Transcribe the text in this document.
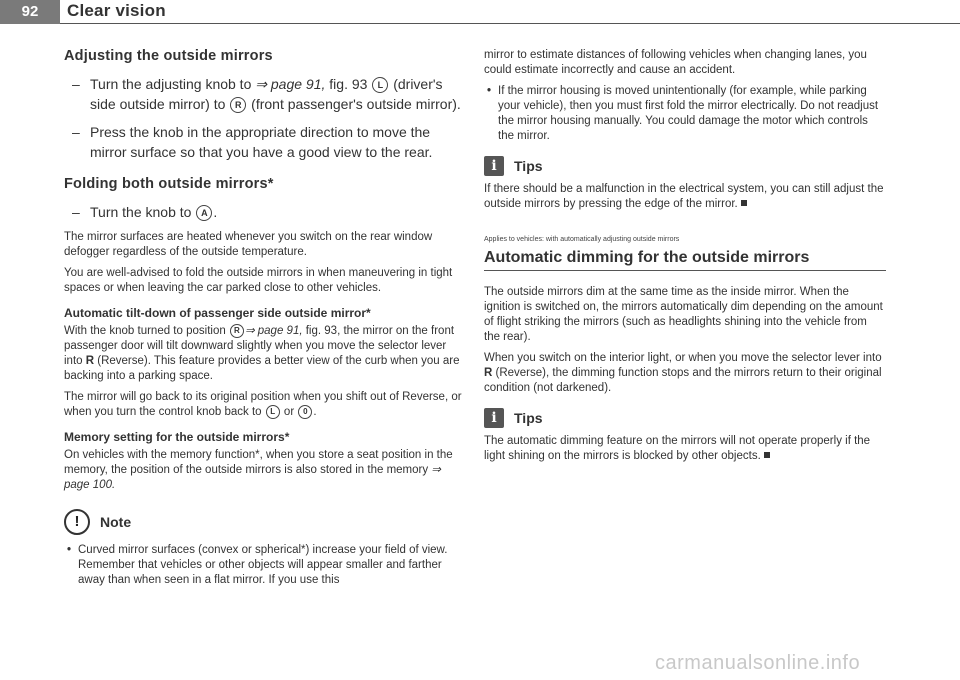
92	Clear vision
Adjusting the outside mirrors
– Turn the adjusting knob to ⇒ page 91, fig. 93 L (driver's side outside mirror) to R (front passenger's outside mirror).
– Press the knob in the appropriate direction to move the mirror surface so that you have a good view to the rear.
Folding both outside mirrors*
– Turn the knob to A .

The mirror surfaces are heated whenever you switch on the rear window defogger regardless of the outside temperature.

You are well-advised to fold the outside mirrors in when maneuvering in tight spaces or when leaving the car parked close to other vehicles.

Automatic tilt-down of passenger side outside mirror*

With the knob turned to position R ⇒ page 91, fig. 93, the mirror on the front passenger door will tilt downward slightly when you move the selector lever into R (Reverse). This feature provides a better view of the curb when you are backing into a parking space.

The mirror will go back to its original position when you shift out of Reverse, or when you turn the control knob back to L or 0 .

Memory setting for the outside mirrors*

On vehicles with the memory function*, when you store a seat position in the memory, the position of the outside mirrors is also stored in the memory ⇒ page 100.

!	Note

• Curved mirror surfaces (convex or spherical*) increase your field of view. Remember that vehicles or other objects will appear smaller and farther away than when seen in a flat mirror. If you use this

mirror to estimate distances of following vehicles when changing lanes, you could estimate incorrectly and cause an accident.

• If the mirror housing is moved unintentionally (for example, while parking your vehicle), then you must first fold the mirror electrically. Do not readjust the mirror housing manually. You could damage the motor which controls the mirror.

i	Tips

If there should be a malfunction in the electrical system, you can still adjust the outside mirrors by pressing the edge of the mirror.

Applies to vehicles: with automatically adjusting outside mirrors
Automatic dimming for the outside mirrors

The outside mirrors dim at the same time as the inside mirror. When the ignition is switched on, the mirrors automatically dim depending on the amount of flight striking the mirrors (such as headlights shining into the vehicle from the rear).

When you switch on the interior light, or when you move the selector lever into R (Reverse), the dimming function stops and the mirrors return to their original condition (not darkened).

i	Tips

The automatic dimming feature on the mirrors will not operate properly if the light shining on the mirrors is blocked by other objects.

carmanualsonline.info
